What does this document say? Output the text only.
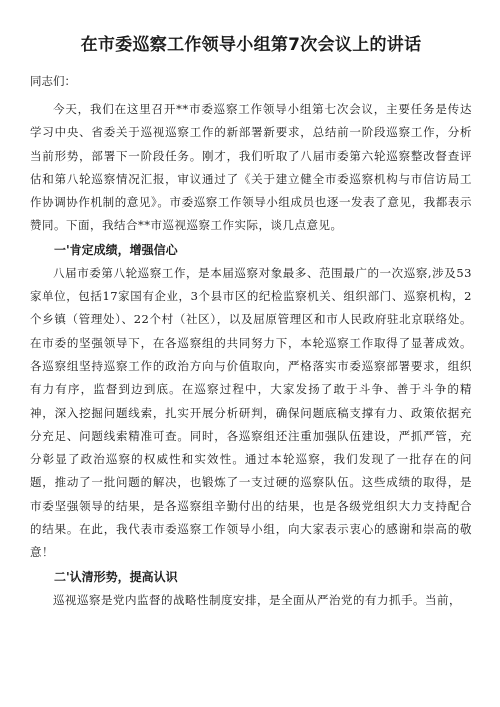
在市委巡察工作领导小组第7次会议上的讲话
同志们：

今天，我们在这里召开**市委巡察工作领导小组第七次会议，主要任务是传达学习中央、省委关于巡视巡察工作的新部署新要求，总结前一阶段巡察工作，分析当前形势，部署下一阶段任务。刚才，我们听取了八届市委第六轮巡察整改督查评估和第八轮巡察情况汇报，审议通过了《关于建立健全市委巡察机构与市信访局工作协调协作机制的意见》。市委巡察工作领导小组成员也逐一发表了意见，我都表示赞同。下面，我结合**市巡视巡察工作实际，谈几点意见。

一'肯定成绩，增强信心

八届市委第八轮巡察工作，是本届巡察对象最多、范围最广的一次巡察,涉及53家单位，包括17家国有企业，3个县市区的纪检监察机关、组织部门、巡察机构，2个乡镇（管理处）、22个村（社区），以及屈原管理区和市人民政府驻北京联络处。在市委的坚强领导下，在各巡察组的共同努力下，本轮巡察工作取得了显著成效。各巡察组坚持巡察工作的政治方向与价值取向，严格落实市委巡察部署要求，组织有力有序，监督到边到底。在巡察过程中，大家发扬了敢于斗争、善于斗争的精神，深入挖掘问题线索，扎实开展分析研判，确保问题底稿支撑有力、政策依据充分充足、问题线索精准可查。同时，各巡察组还注重加强队伍建设，严抓严管，充分彰显了政治巡察的权威性和实效性。通过本轮巡察，我们发现了一批存在的问题，推动了一批问题的解决，也锻炼了一支过硬的巡察队伍。这些成绩的取得，是市委坚强领导的结果，是各巡察组辛勤付出的结果，也是各级党组织大力支持配合的结果。在此，我代表市委巡察工作领导小组，向大家表示衷心的感谢和崇高的敬意！

二'认清形势，提高认识

巡视巡察是党内监督的战略性制度安排，是全面从严治党的有力抓手。当前，
